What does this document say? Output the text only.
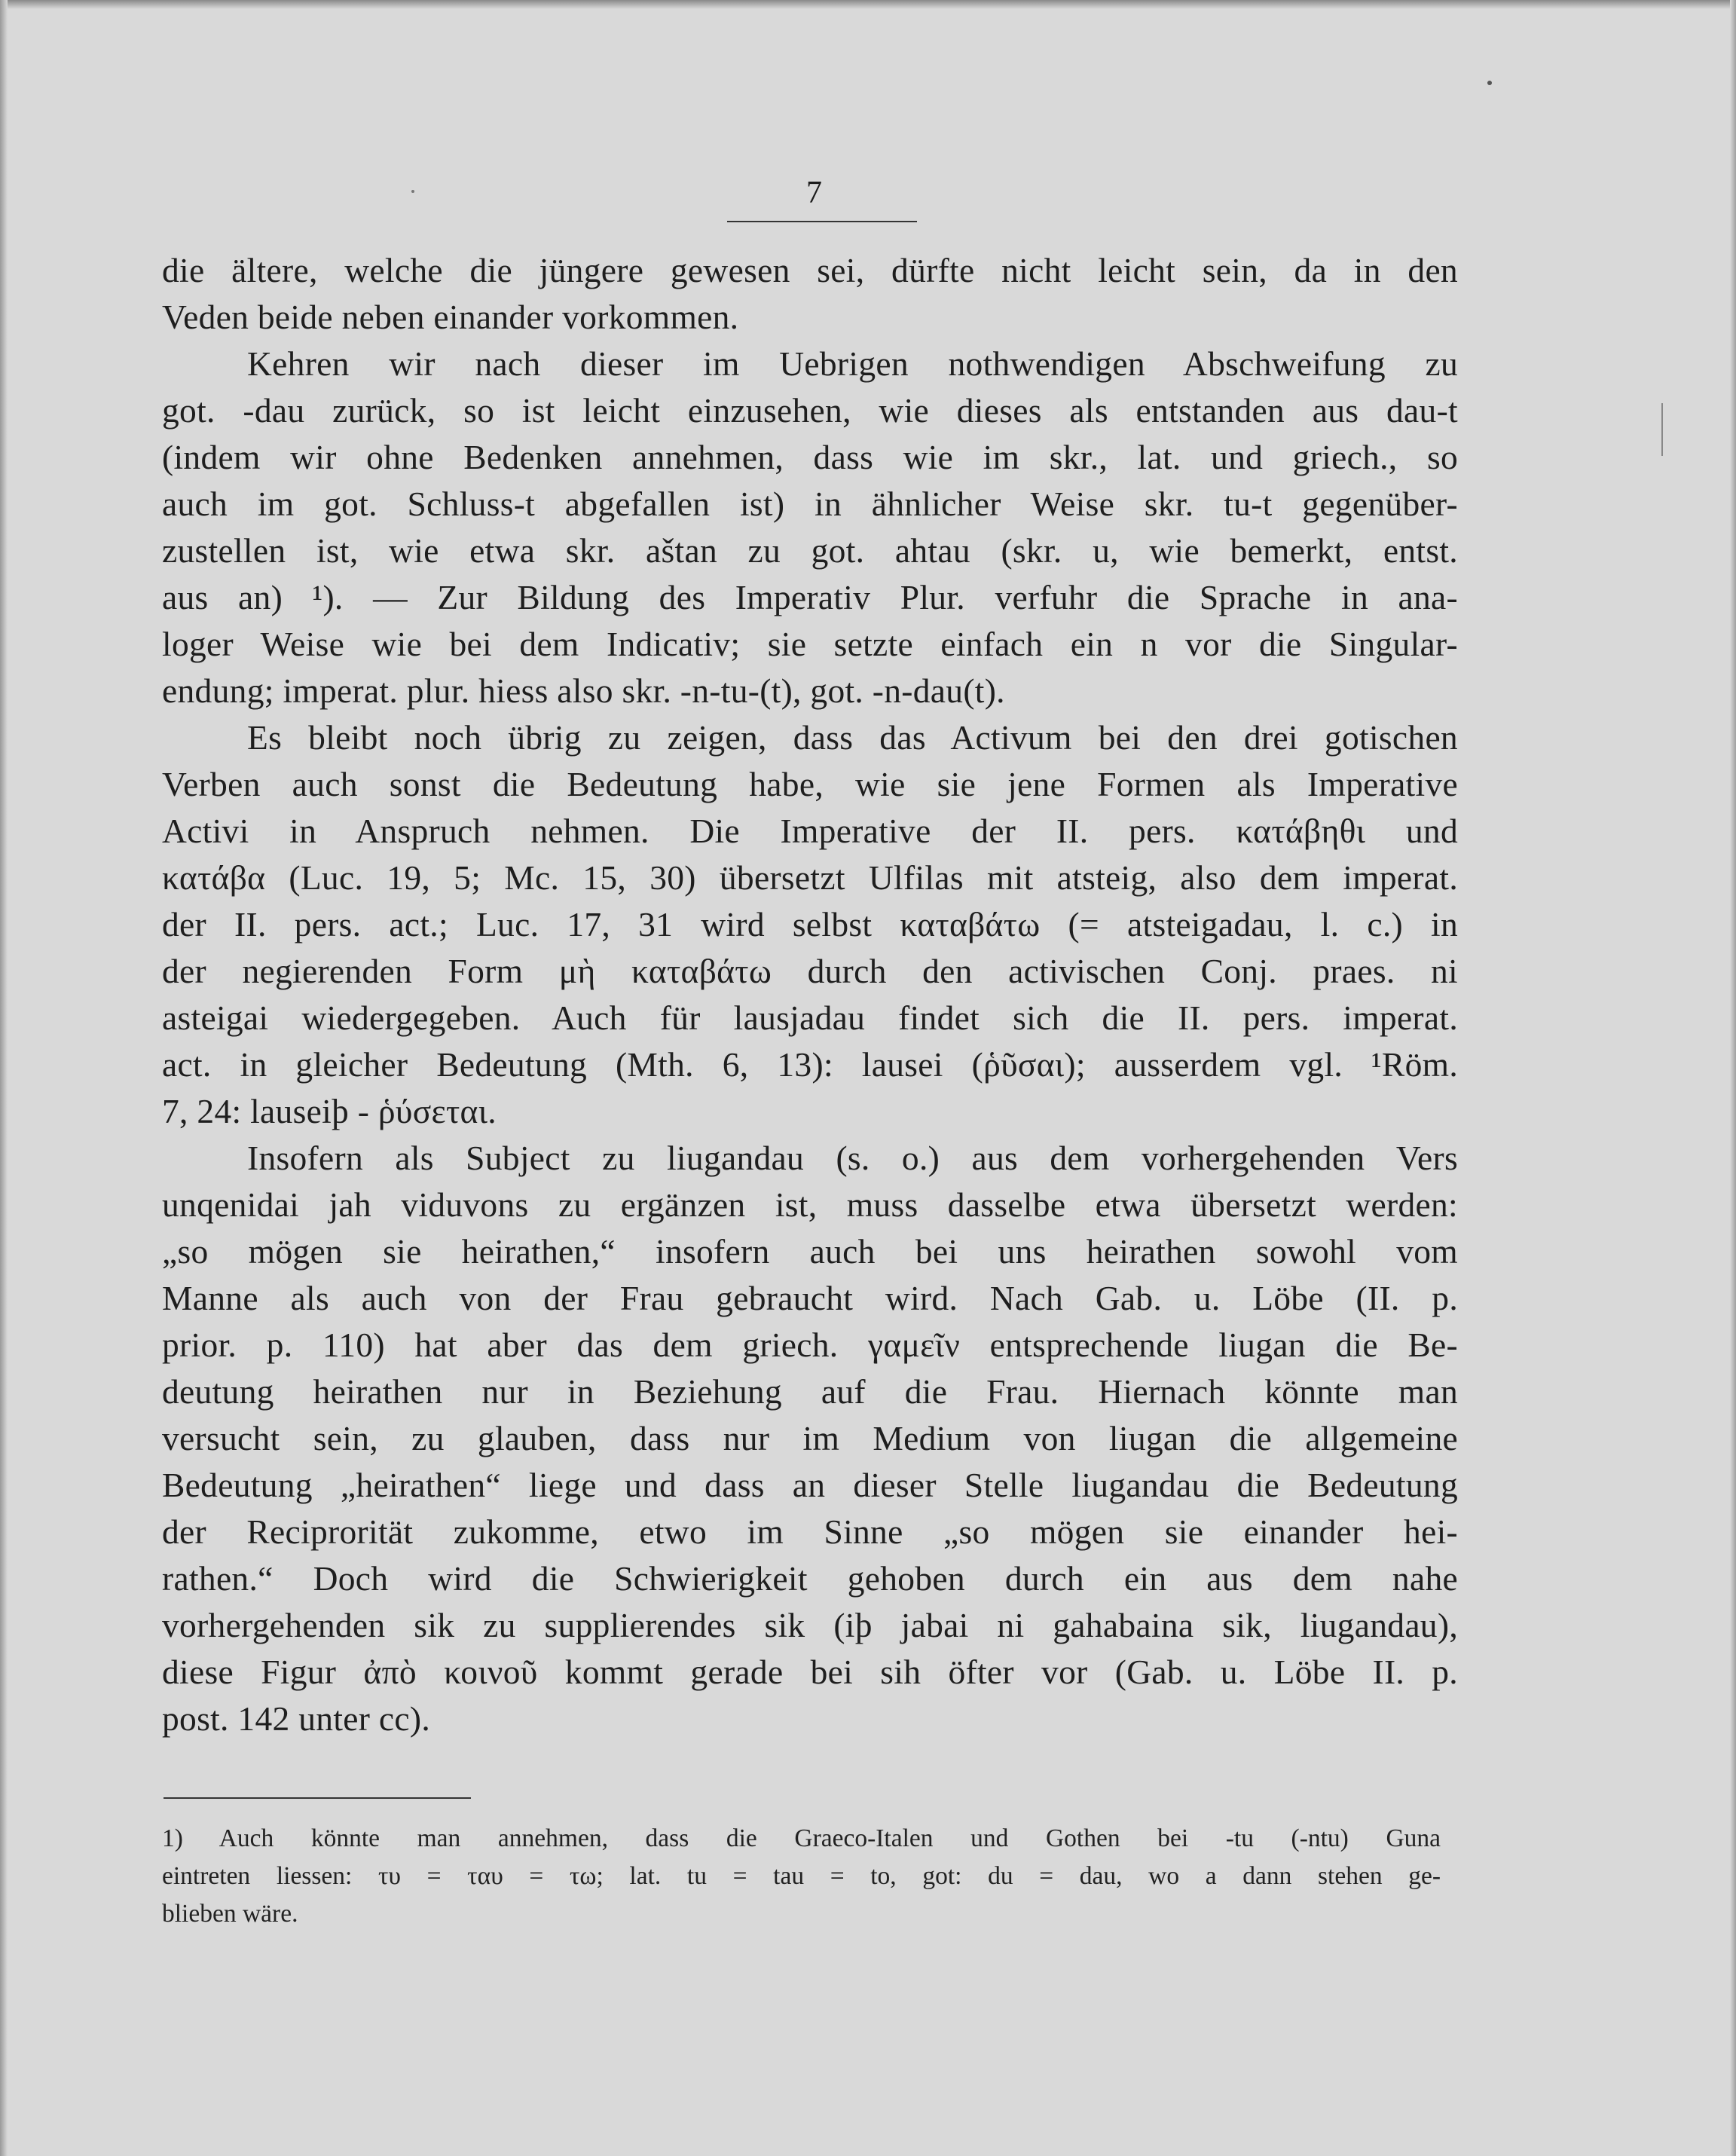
7
die ältere, welche die jüngere gewesen sei, dürfte nicht leicht sein, da in den
Veden beide neben einander vorkommen.
Kehren wir nach dieser im Uebrigen nothwendigen Abschweifung zu
got. -dau zurück, so ist leicht einzusehen, wie dieses als entstanden aus dau-t
(indem wir ohne Bedenken annehmen, dass wie im skr., lat. und griech., so
auch im got. Schluss-t abgefallen ist) in ähnlicher Weise skr. tu-t gegenüber-
zustellen ist, wie etwa skr. aštan zu got. ahtau (skr. u, wie bemerkt, entst.
aus an) ¹). — Zur Bildung des Imperativ Plur. verfuhr die Sprache in ana-
loger Weise wie bei dem Indicativ; sie setzte einfach ein n vor die Singular-
endung; imperat. plur. hiess also skr. -n-tu-(t), got. -n-dau(t).
Es bleibt noch übrig zu zeigen, dass das Activum bei den drei gotischen
Verben auch sonst die Bedeutung habe, wie sie jene Formen als Imperative
Activi in Anspruch nehmen. Die Imperative der II. pers. κατάβηθι und
κατάβα (Luc. 19, 5; Mc. 15, 30) übersetzt Ulfilas mit atsteig, also dem imperat.
der II. pers. act.; Luc. 17, 31 wird selbst καταβάτω (= atsteigadau, l. c.) in
der negierenden Form μὴ καταβάτω durch den activischen Conj. praes. ni
asteigai wiedergegeben. Auch für lausjadau findet sich die II. pers. imperat.
act. in gleicher Bedeutung (Mth. 6, 13): lausei (ῥῦσαι); ausserdem vgl. ¹Röm.
7, 24: lauseiþ - ῥύσεται.
Insofern als Subject zu liugandau (s. o.) aus dem vorhergehenden Vers
unqenidai jah viduvons zu ergänzen ist, muss dasselbe etwa übersetzt werden:
„so mögen sie heirathen,“ insofern auch bei uns heirathen sowohl vom
Manne als auch von der Frau gebraucht wird. Nach Gab. u. Löbe (II. p.
prior. p. 110) hat aber das dem griech. γαμεῖν entsprechende liugan die Be-
deutung heirathen nur in Beziehung auf die Frau. Hiernach könnte man
versucht sein, zu glauben, dass nur im Medium von liugan die allgemeine
Bedeutung „heirathen“ liege und dass an dieser Stelle liugandau die Bedeutung
der Reciprorität zukomme, etwo im Sinne „so mögen sie einander hei-
rathen.“ Doch wird die Schwierigkeit gehoben durch ein aus dem nahe
vorhergehenden sik zu supplierendes sik (iþ jabai ni gahabaina sik, liugandau),
diese Figur ἀπὸ κοινοῦ kommt gerade bei sih öfter vor (Gab. u. Löbe II. p.
post. 142 unter cc).
1) Auch könnte man annehmen, dass die Graeco-Italen und Gothen bei -tu (-ntu) Guna
eintreten liessen: τυ = ταυ = τω; lat. tu = tau = to, got: du = dau, wo a dann stehen ge-
blieben wäre.
